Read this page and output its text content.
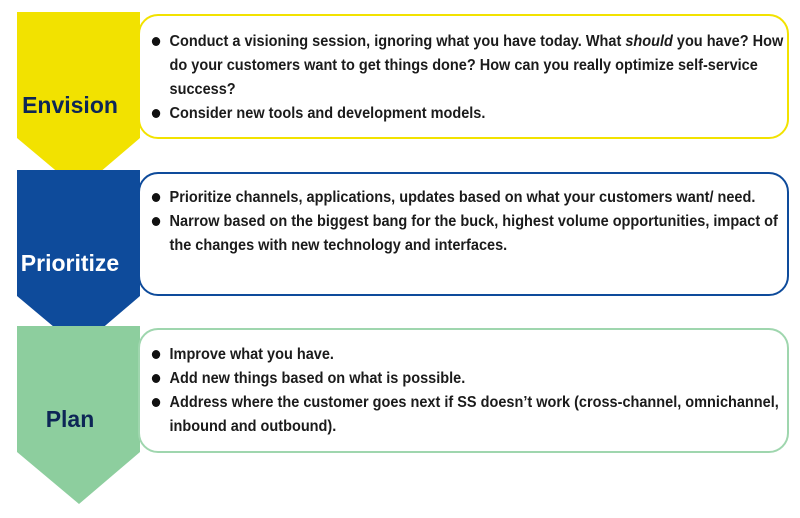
Envision
Prioritize
Plan
Conduct a visioning session, ignoring what you have today. What should you have? How do your customers want to get things done? How can you really optimize self-service success?
Consider new tools and development models.
Prioritize channels, applications, updates based on what your customers want/ need.
Narrow based on the biggest bang for the buck, highest volume opportunities, impact of the changes with new technology and interfaces.
Improve what you have.
Add new things based on what is possible.
Address where the customer goes next if SS doesn’t work (cross-channel, omnichannel, inbound and outbound).
